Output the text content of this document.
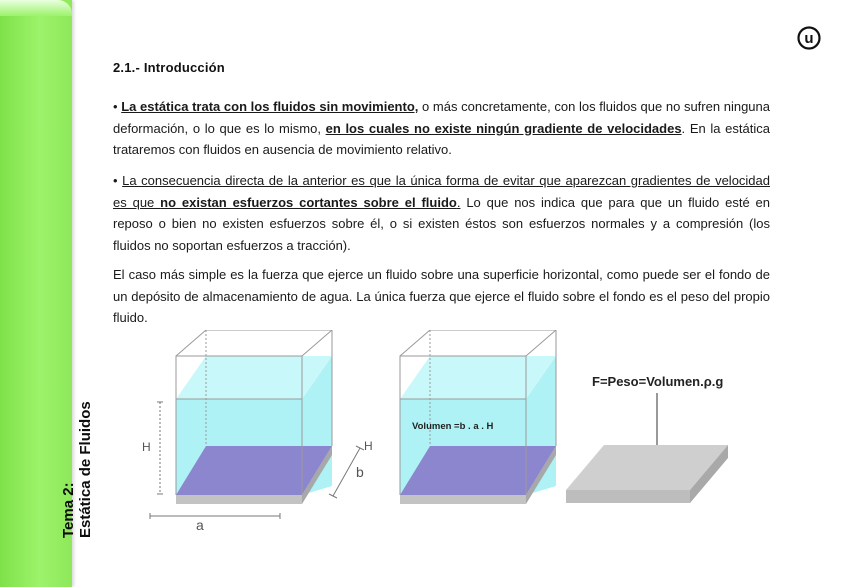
Tema 2: Estática de Fluidos
u
2.1.- Introducción
• La estática trata con los fluidos sin movimiento, o más concretamente, con los fluidos que no sufren ninguna deformación, o lo que es lo mismo, en los cuales no existe ningún gradiente de velocidades. En la estática trataremos con fluidos en ausencia de movimiento relativo.
• La consecuencia directa de la anterior es que la única forma de evitar que aparezcan gradientes de velocidad es que no existan esfuerzos cortantes sobre el fluido. Lo que nos indica que para que un fluido esté en reposo o bien no existen esfuerzos sobre él, o si existen éstos son esfuerzos normales y a compresión (los fluidos no soportan esfuerzos a tracción).
El caso más simple es la fuerza que ejerce un fluido sobre una superficie horizontal, como puede ser el fondo de un depósito de almacenamiento de agua. La única fuerza que ejerce el fluido sobre el fondo es el peso del propio fluido.
H
b
a
Volumen =b . a . H
H
F=Peso=Volumen.ρ.g
